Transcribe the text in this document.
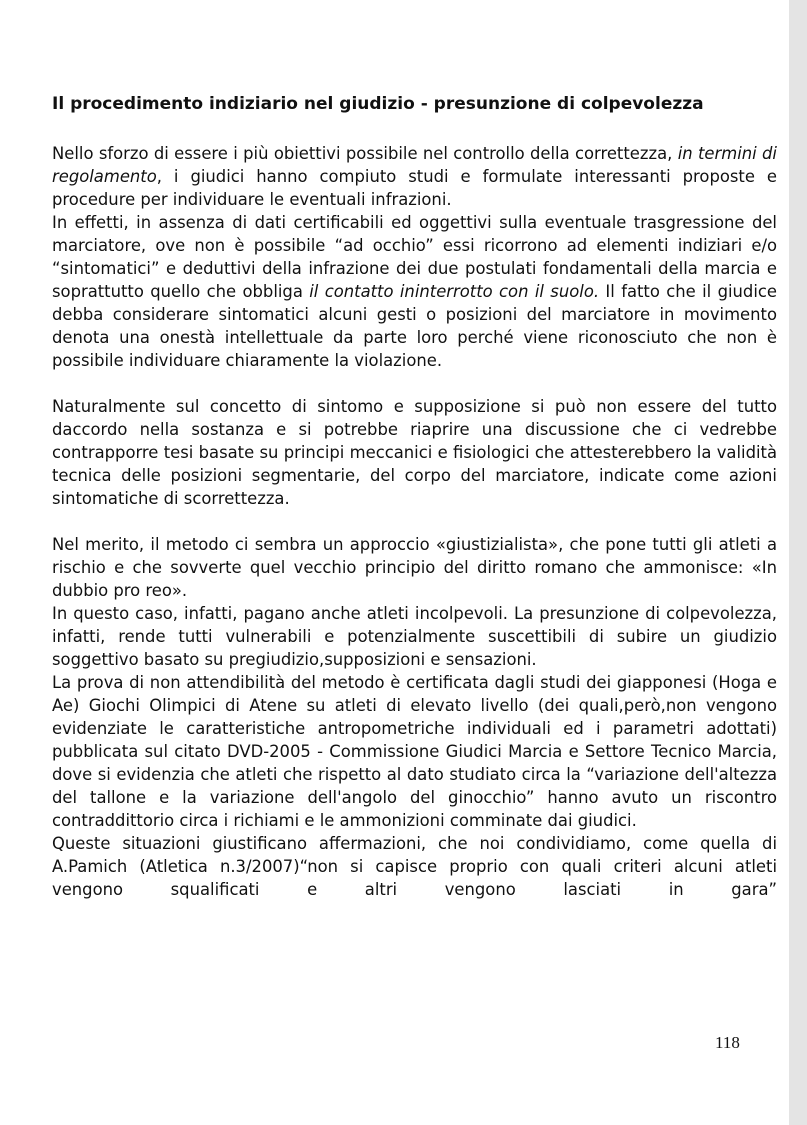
Il procedimento indiziario nel giudizio - presunzione di colpevolezza

Nello sforzo di essere i più obiettivi possibile nel controllo della correttezza, in termini di regolamento, i giudici hanno compiuto studi e formulate interessanti proposte e procedure per individuare le eventuali infrazioni.

In effetti, in assenza di dati certificabili ed oggettivi sulla eventuale trasgressione del marciatore, ove non è possibile “ad occhio” essi ricorrono ad elementi indiziari e/o “sintomatici” e deduttivi della infrazione dei due postulati fondamentali della marcia e soprattutto quello che obbliga il contatto ininterrotto con il suolo. Il fatto che il giudice debba considerare sintomatici alcuni gesti o posizioni del marciatore in movimento denota una onestà intellettuale da parte loro perché viene riconosciuto che non è possibile individuare chiaramente la violazione.

Naturalmente sul concetto di sintomo e supposizione si può non essere del tutto daccordo nella sostanza e si potrebbe riaprire una discussione che ci vedrebbe contrapporre tesi basate su principi meccanici e fisiologici che attesterebbero la validità tecnica delle posizioni segmentarie, del corpo del marciatore, indicate come azioni sintomatiche di scorrettezza.

Nel merito, il metodo ci sembra un approccio «giustizialista», che pone tutti gli atleti a rischio e che sovverte quel vecchio principio del diritto romano che ammonisce: «In dubbio pro reo».

In questo caso, infatti, pagano anche atleti incolpevoli. La presunzione di colpevolezza, infatti, rende tutti vulnerabili e potenzialmente suscettibili di subire un giudizio soggettivo basato su pregiudizio,supposizioni e sensazioni.

La prova di non attendibilità del metodo è certificata dagli studi dei giapponesi (Hoga e Ae) Giochi Olimpici di Atene su atleti di elevato livello (dei quali,però,non vengono evidenziate le caratteristiche antropometriche individuali ed i parametri adottati) pubblicata sul citato DVD-2005 - Commissione Giudici Marcia e Settore Tecnico Marcia, dove si evidenzia che atleti che rispetto al dato studiato circa la “variazione dell'altezza del tallone e la variazione dell'angolo del ginocchio” hanno avuto un riscontro contraddittorio circa i richiami e le ammonizioni comminate dai giudici.

Queste situazioni giustificano affermazioni, che noi condividiamo, come quella di A.Pamich (Atletica n.3/2007)“non si capisce proprio con quali criteri alcuni atleti vengono squalificati e altri vengono lasciati in gara”

118
